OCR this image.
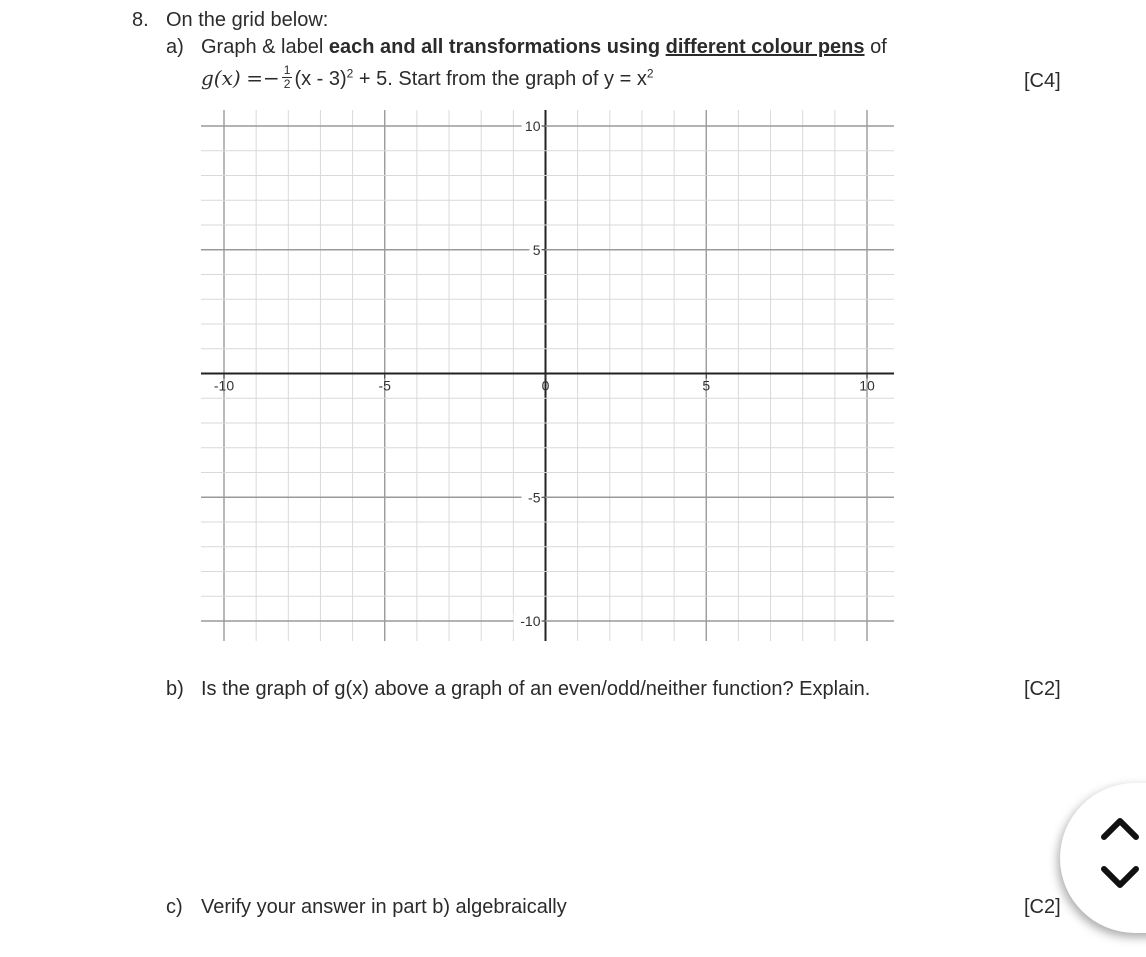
8. On the grid below:
a) Graph & label each and all transformations using different colour pens of
$g(x) =- \frac{1}{2} (x - 3)^2 + 5$. Start from the graph of $y = x^2$	[C4]
-10	-5	0	5	10
10
5
-5
-10
b) Is the graph of g(x) above a graph of an even/odd/neither function? Explain.	[C2]
c) Verify your answer in part b) algebraically	[C2]
